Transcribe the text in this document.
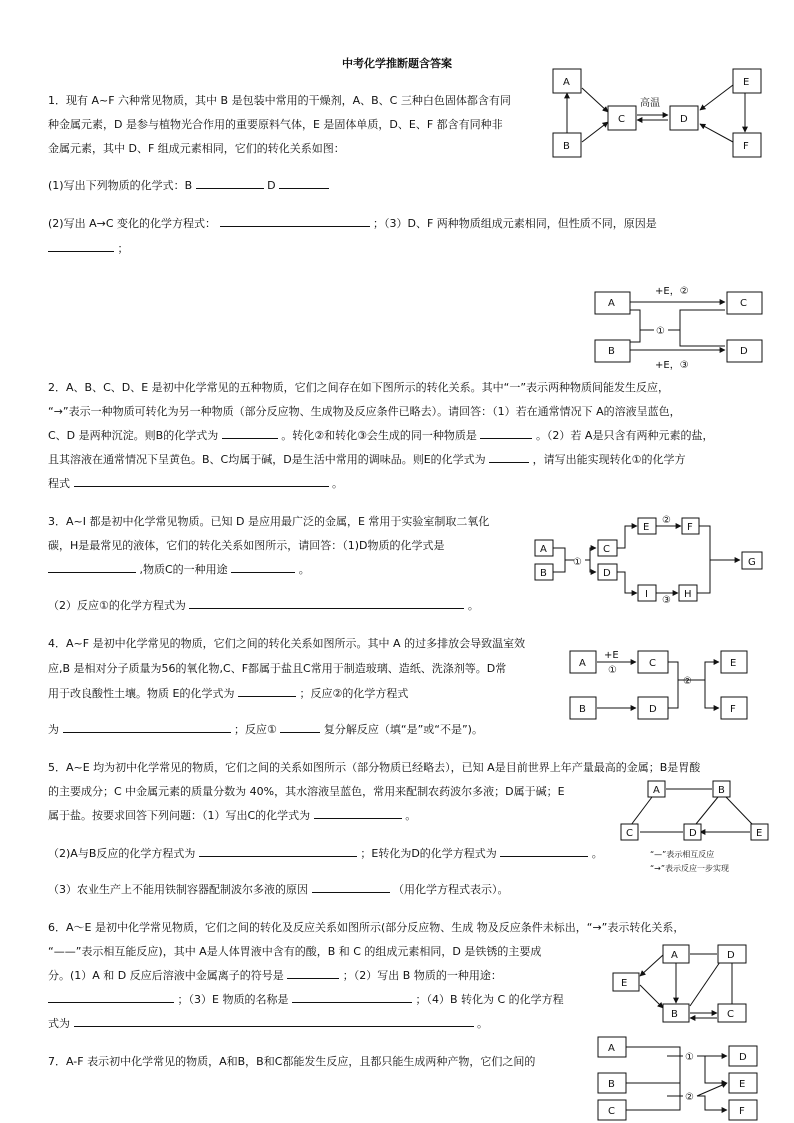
中考化学推断题含答案
1．现有 A~F 六种常见物质，其中 B 是包装中常用的干燥剂，A、B、C 三种白色固体都含有同
种金属元素，D 是参与植物光合作用的重要原料气体，E 是固体单质，D、E、F 都含有同种非
金属元素，其中 D、F 组成元素相同，它们的转化关系如图：
(1)写出下列物质的化学式：B	D
(2)写出 A→C 变化的化学方程式：	；（3）D、F 两种物质组成元素相同，但性质不同，原因是
；
2．A、B、C、D、E 是初中化学常见的五种物质，它们之间存在如下图所示的转化关系。其中“一”表示两种物质间能发生反应，
“→”表示一种物质可转化为另一种物质（部分反应物、生成物及反应条件已略去）。请回答：（1）若在通常情况下 A的溶液呈蓝色，
C、D 是两种沉淀。则B的化学式为	。转化②和转化③会生成的同一种物质是	。（2）若 A是只含有两种元素的盐，
且其溶液在通常情况下呈黄色。B、C均属于碱，D是生活中常用的调味品。则E的化学式为	，请写出能实现转化①的化学方
程式	。
3．A~I 都是初中化学常见物质。已知 D 是应用最广泛的金属，E 常用于实验室制取二氧化
碳，H是最常见的液体，它们的转化关系如图所示，请回答：（1)D物质的化学式是
,物质C的一种用途	。
（2）反应①的化学方程式为	。
4．A~F 是初中化学常见的物质，它们之间的转化关系如图所示。其中 A 的过多排放会导致温室效
应,B 是相对分子质量为56的氧化物,C、F都属于盐且C常用于制造玻璃、造纸、洗涤剂等。D常
用于改良酸性土壤。物质 E的化学式为	；反应②的化学方程式
为	；反应①	复分解反应（填“是”或“不是”)。
5．A~E 均为初中化学常见的物质，它们之间的关系如图所示（部分物质已经略去），已知 A是目前世界上年产量最高的金属；B是胃酸
的主要成分；C 中金属元素的质量分数为 40%，其水溶液呈蓝色，常用来配制农药波尔多液；D属于碱；E
属于盐。按要求回答下列问题：（1）写出C的化学式为	。
（2)A与B反应的化学方程式为	；E转化为D的化学方程式为	。
（3）农业生产上不能用铁制容器配制波尔多液的原因	（用化学方程式表示）。
6．A～E 是初中化学常见物质，它们之间的转化及反应关系如图所示(部分反应物、生成 物及反应条件未标出，“→”表示转化关系，
“——”表示相互能反应)，其中 A是人体胃液中含有的酸，B 和 C 的组成元素相同，D 是铁锈的主要成
分。(1）A 和 D 反应后溶液中金属离子的符号是	；（2）写出 B 物质的一种用途：
；（3）E 物质的名称是	；（4）B 转化为 C 的化学方程
式为	。
7．A-F 表示初中化学常见的物质，A和B，B和C都能发生反应，且都只能生成两种产物，它们之间的
A
B
C	D
E
F
高温
A
B
C
D
+E，②
①
+E，③
A
B
C
D
E	F
G
I	H
①
②
③
A
B
C
D
E
F
+E
①
②
A	B
C	D	E
“—”表示相互反应
“→”表示反应一步实现
A	D
E
B	C
A
B
C
D
E
F
①
②
